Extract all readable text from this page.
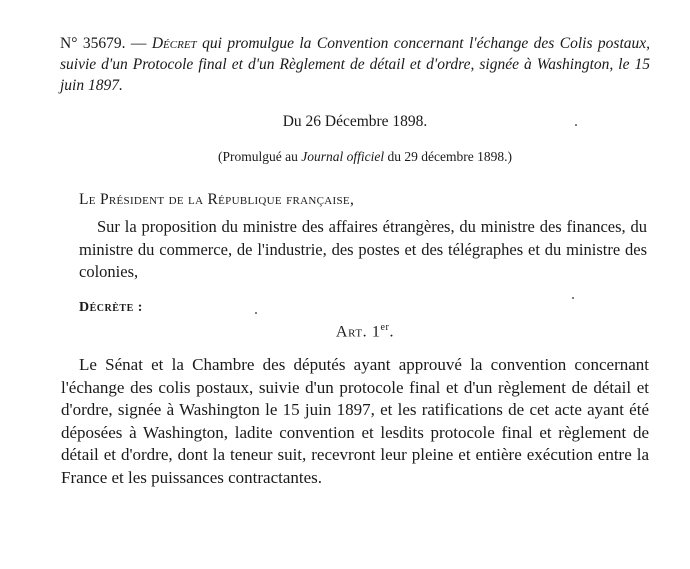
N° 35679. — Décret qui promulgue la Convention concernant l'échange des Colis postaux, suivie d'un Protocole final et d'un Règlement de détail et d'ordre, signée à Washington, le 15 juin 1897.
Du 26 Décembre 1898.
(Promulgué au Journal officiel du 29 décembre 1898.)
Le Président de la République française,
Sur la proposition du ministre des affaires étrangères, du ministre des finances, du ministre du commerce, de l'industrie, des postes et des télégraphes et du ministre des colonies,
Décrète :
Art. 1er.
Le Sénat et la Chambre des députés ayant approuvé la convention concernant l'échange des colis postaux, suivie d'un protocole final et d'un règlement de détail et d'ordre, signée à Washington le 15 juin 1897, et les ratifications de cet acte ayant été déposées à Washington, ladite convention et lesdits protocole final et règlement de détail et d'ordre, dont la teneur suit, recevront leur pleine et entière exécution entre la France et les puissances contractantes.
